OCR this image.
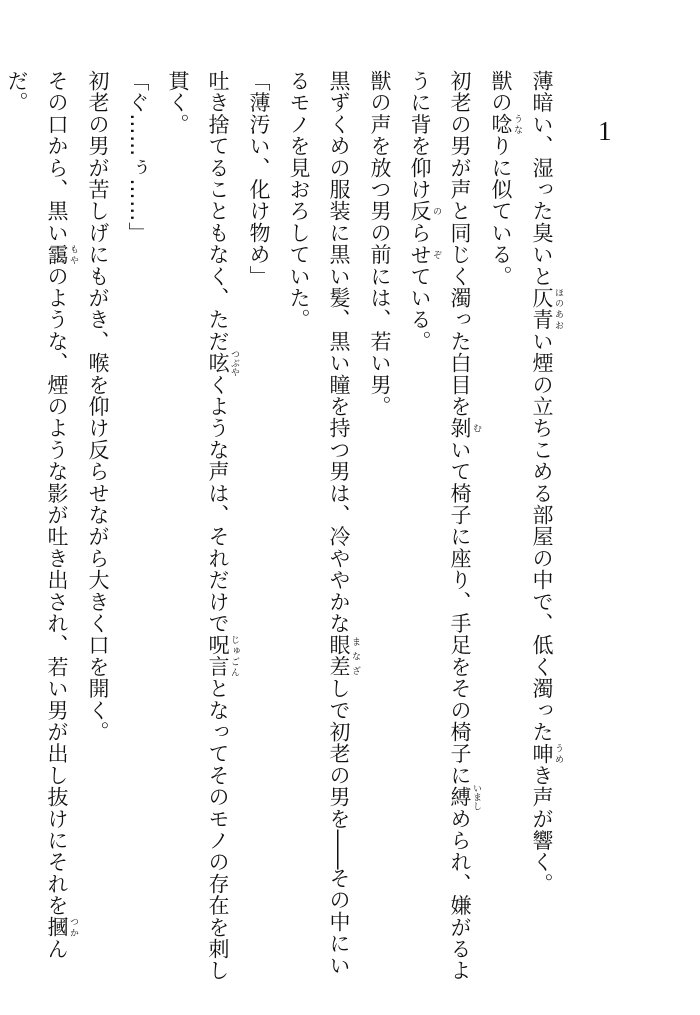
1

薄暗い、湿った臭いと仄青 ほのあおい煙の立ちこめる部屋の中で、低く濁った呻 うめき声が響く。

獣の唸 うなりに似ている。

初老の男が声と同じく濁った白目を剝 むいて椅子に座り、手足をその椅子に縛 いましめられ、嫌がるように背を仰け反 のらせ ぞている。

獣の声を放つ男の前には、若い男。

黒ずくめの服装に黒い髪、黒い瞳を持つ男は、冷ややかな眼差 まなざしで初老の男を――その中にいるモノを見おろしていた。

「薄汚い、化け物め」

吐き捨てることもなく、ただ呟 つぶやくような声は、それだけで呪言 じゅごんとなってそのモノの存在を刺し貫く。

「ぐ……ぅ……」

初老の男が苦しげにもがき、喉を仰け反らせながら大きく口を開く。

その口から、黒い靄 もやのような、煙のような影が吐き出され、若い男が出し抜けにそれを摑 つかんだ。
